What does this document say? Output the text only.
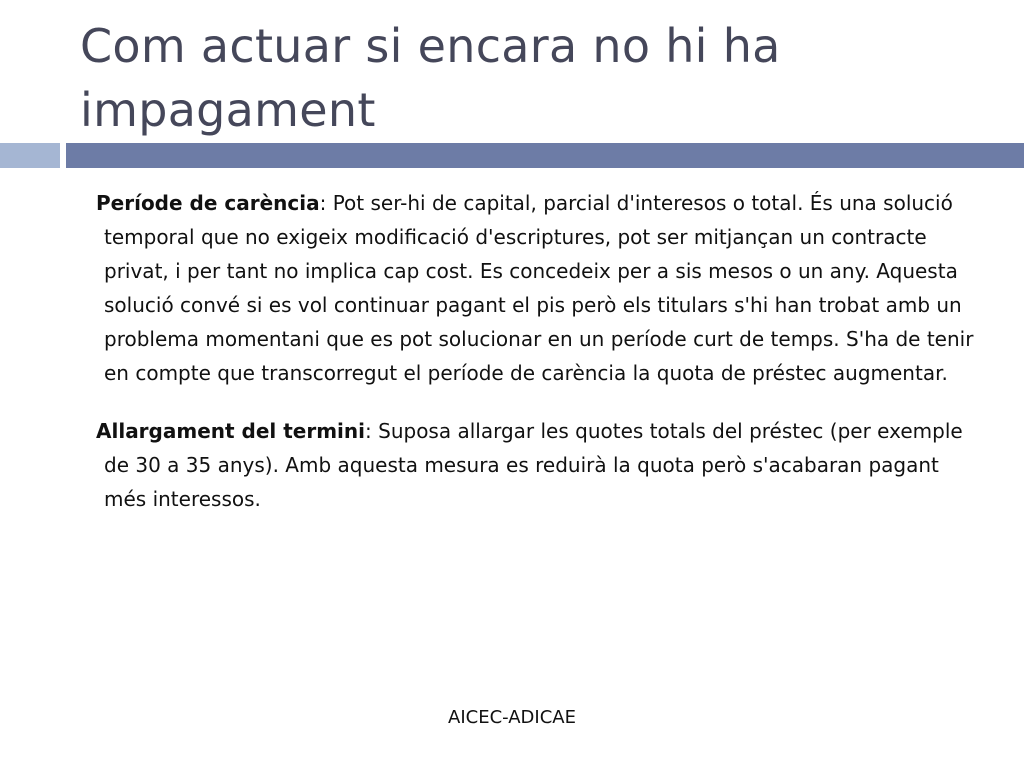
Com actuar si encara no hi ha impagament

Període de carència: Pot ser-hi de capital, parcial d'interesos o total. És una solució temporal que no exigeix modificació d'escriptures, pot ser mitjançan un contracte privat, i per tant no implica cap cost. Es concedeix per a sis mesos o un any. Aquesta solució convé si es vol continuar pagant el pis però els titulars s'hi han trobat amb un problema momentani que es pot solucionar en un període curt de temps. S'ha de tenir en compte que transcorregut el període de carència la quota de préstec augmentar.

Allargament del termini: Suposa allargar les quotes totals del préstec (per exemple de 30 a 35 anys). Amb aquesta mesura es reduirà la quota però s'acabaran pagant més interessos.

AICEC-ADICAE
